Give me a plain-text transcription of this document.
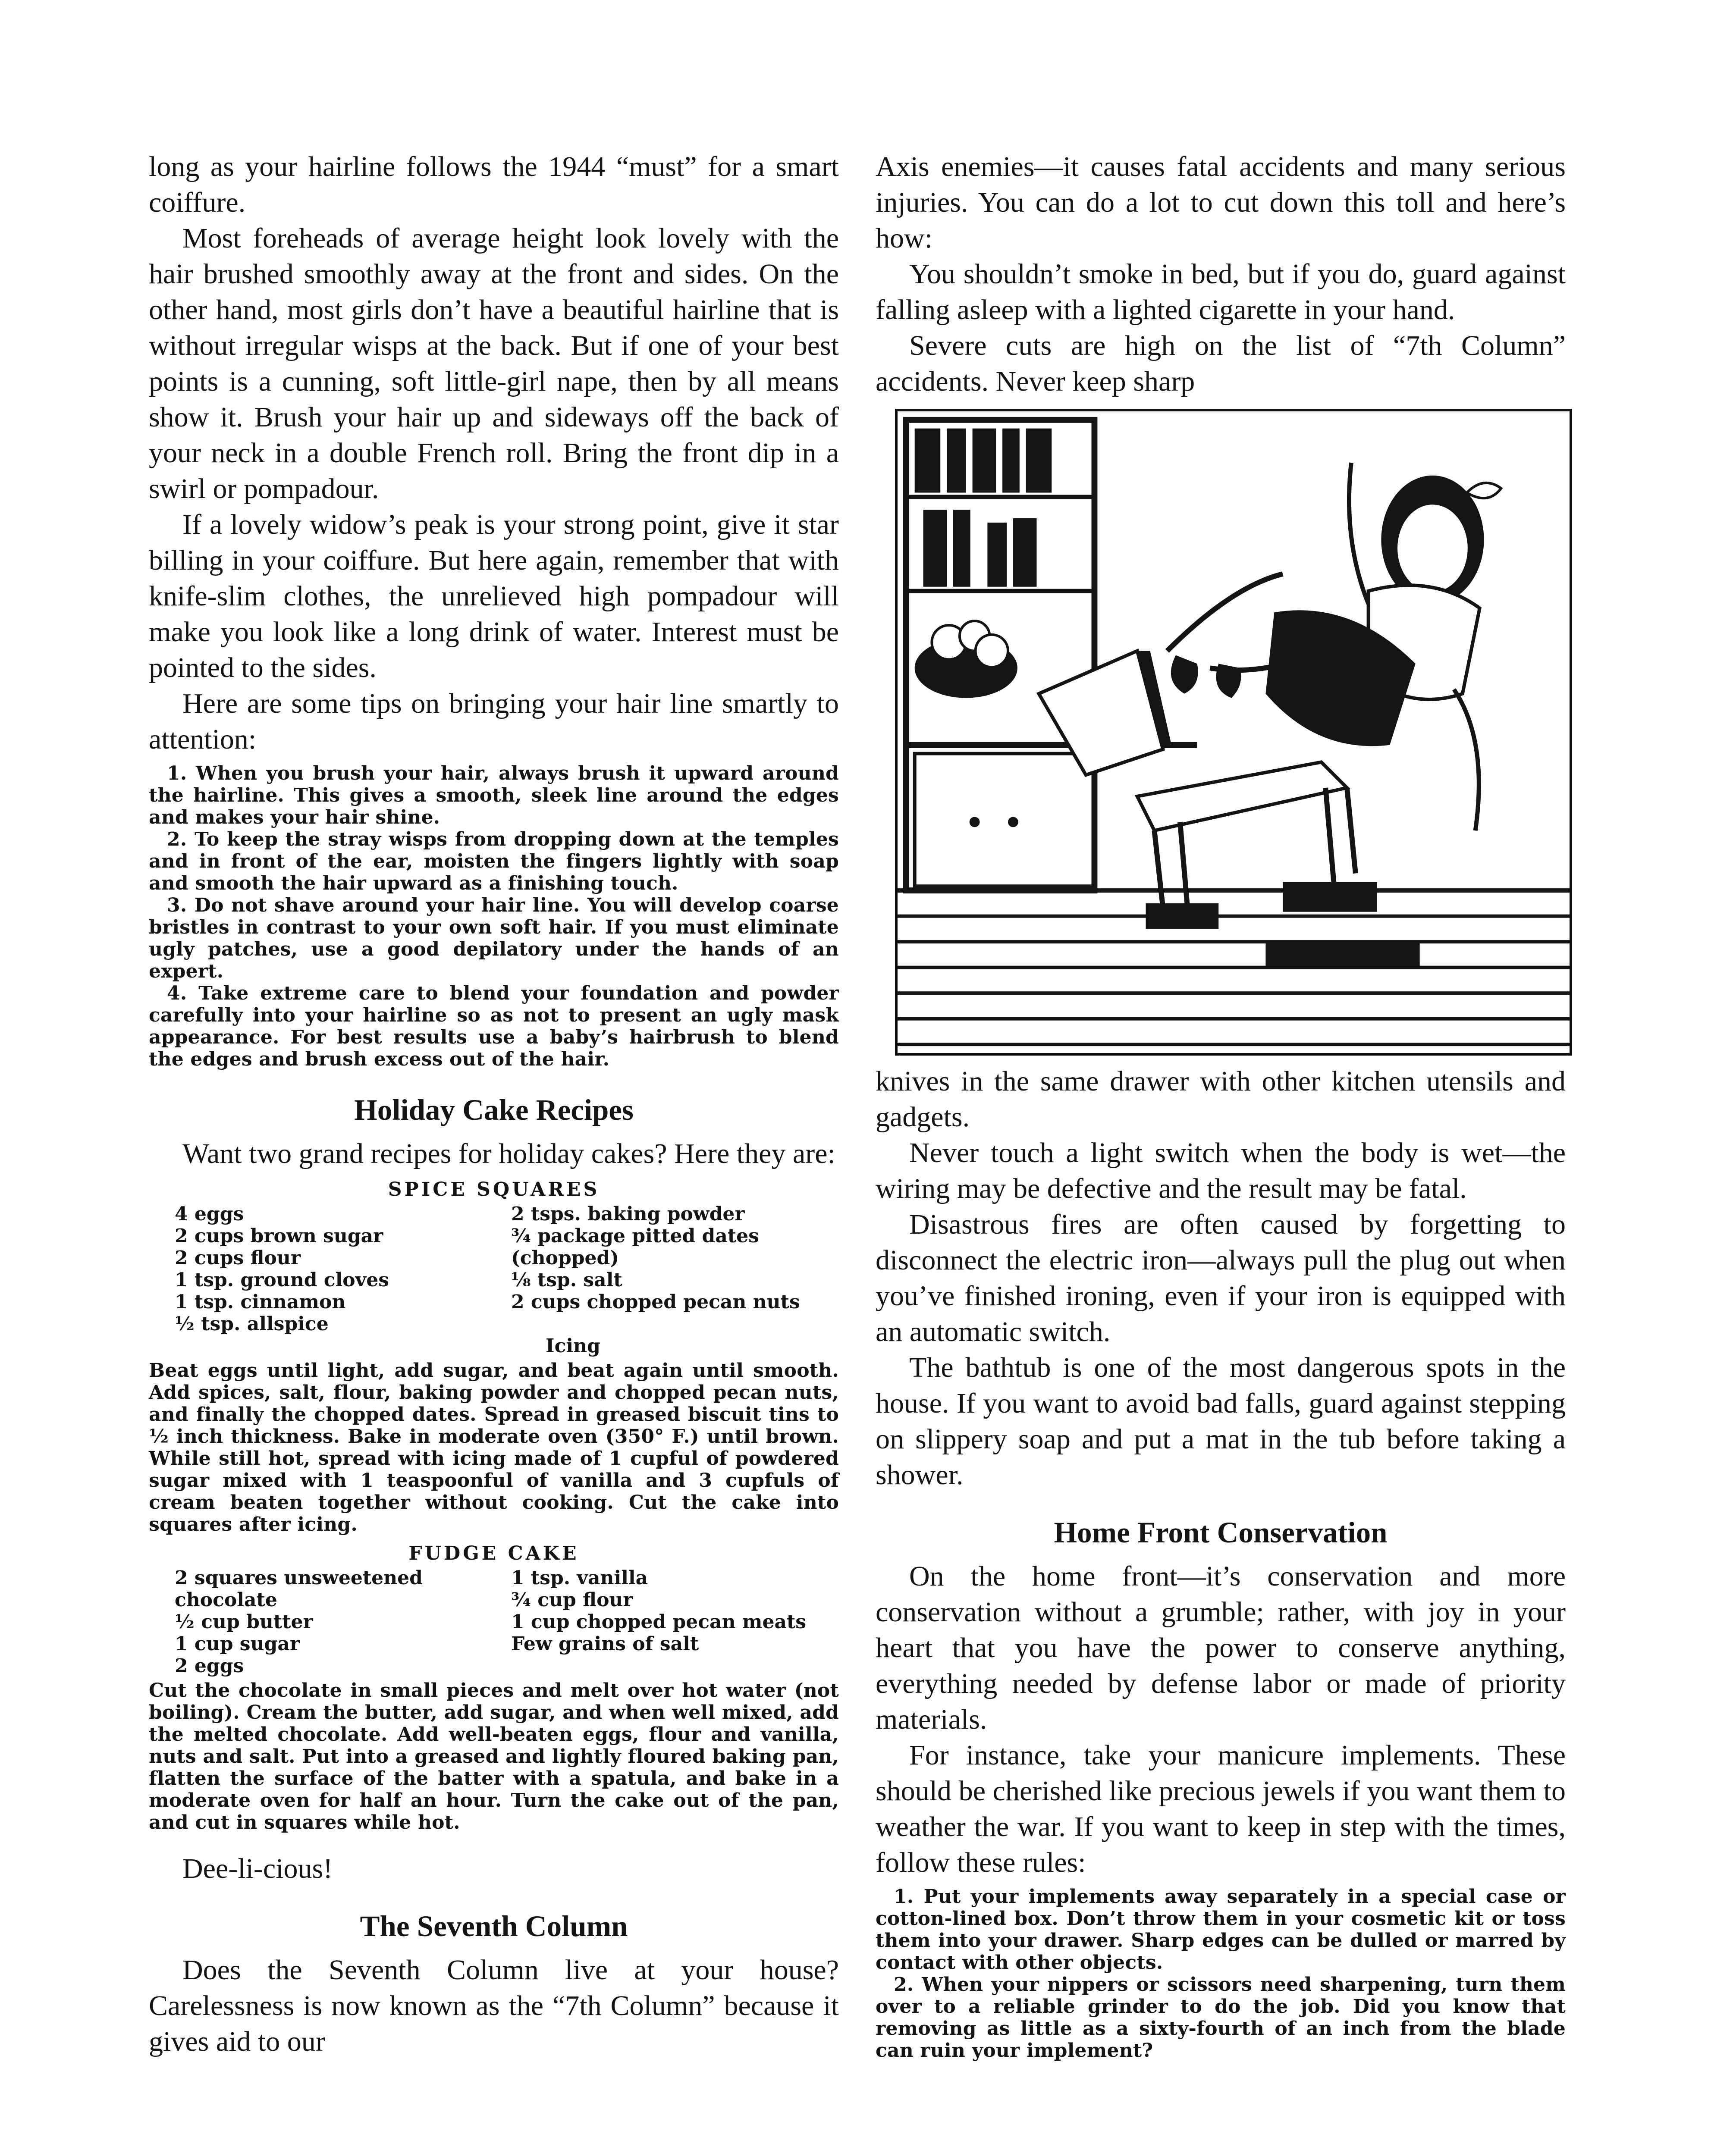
long as your hairline follows the 1944 “must” for a smart coiffure.

Most foreheads of average height look lovely with the hair brushed smoothly away at the front and sides. On the other hand, most girls don’t have a beautiful hairline that is without irregular wisps at the back. But if one of your best points is a cunning, soft little-girl nape, then by all means show it. Brush your hair up and sideways off the back of your neck in a double French roll. Bring the front dip in a swirl or pompadour.

If a lovely widow’s peak is your strong point, give it star billing in your coiffure. But here again, remember that with knife-slim clothes, the unrelieved high pompadour will make you look like a long drink of water. Interest must be pointed to the sides.

Here are some tips on bringing your hair line smartly to attention:

1. When you brush your hair, always brush it upward around the hairline. This gives a smooth, sleek line around the edges and makes your hair shine.

2. To keep the stray wisps from dropping down at the temples and in front of the ear, moisten the fingers lightly with soap and smooth the hair upward as a finishing touch.

3. Do not shave around your hair line. You will develop coarse bristles in contrast to your own soft hair. If you must eliminate ugly patches, use a good depilatory under the hands of an expert.

4. Take extreme care to blend your foundation and powder carefully into your hairline so as not to present an ugly mask appearance. For best results use a baby’s hairbrush to blend the edges and brush excess out of the hair.

Holiday Cake Recipes

Want two grand recipes for holiday cakes? Here they are:

SPICE SQUARES
4 eggs
2 cups brown sugar
2 cups flour
1 tsp. ground cloves
1 tsp. cinnamon
½ tsp. allspice
2 tsps. baking powder
¾ package pitted dates (chopped)
⅛ tsp. salt
2 cups chopped pecan nuts
Icing

Beat eggs until light, add sugar, and beat again until smooth. Add spices, salt, flour, baking powder and chopped pecan nuts, and finally the chopped dates. Spread in greased biscuit tins to ½ inch thickness. Bake in moderate oven (350° F.) until brown. While still hot, spread with icing made of 1 cupful of powdered sugar mixed with 1 teaspoonful of vanilla and 3 cupfuls of cream beaten together without cooking. Cut the cake into squares after icing.

FUDGE CAKE
2 squares unsweetened chocolate
½ cup butter
1 cup sugar
2 eggs
1 tsp. vanilla
¾ cup flour
1 cup chopped pecan meats
Few grains of salt

Cut the chocolate in small pieces and melt over hot water (not boiling). Cream the butter, add sugar, and when well mixed, add the melted chocolate. Add well-beaten eggs, flour and vanilla, nuts and salt. Put into a greased and lightly floured baking pan, flatten the surface of the batter with a spatula, and bake in a moderate oven for half an hour. Turn the cake out of the pan, and cut in squares while hot.

Dee-li-cious!

The Seventh Column

Does the Seventh Column live at your house? Carelessness is now known as the “7th Column” because it gives aid to our

Axis enemies—it causes fatal accidents and many serious injuries. You can do a lot to cut down this toll and here’s how:

You shouldn’t smoke in bed, but if you do, guard against falling asleep with a lighted cigarette in your hand.

Severe cuts are high on the list of “7th Column” accidents. Never keep sharp

knives in the same drawer with other kitchen utensils and gadgets.

Never touch a light switch when the body is wet—the wiring may be defective and the result may be fatal.

Disastrous fires are often caused by forgetting to disconnect the electric iron—always pull the plug out when you’ve finished ironing, even if your iron is equipped with an automatic switch.

The bathtub is one of the most dangerous spots in the house. If you want to avoid bad falls, guard against stepping on slippery soap and put a mat in the tub before taking a shower.

Home Front Conservation

On the home front—it’s conservation and more conservation without a grumble; rather, with joy in your heart that you have the power to conserve anything, everything needed by defense labor or made of priority materials.

For instance, take your manicure implements. These should be cherished like precious jewels if you want them to weather the war. If you want to keep in step with the times, follow these rules:

1. Put your implements away separately in a special case or cotton-lined box. Don’t throw them in your cosmetic kit or toss them into your drawer. Sharp edges can be dulled or marred by contact with other objects.

2. When your nippers or scissors need sharpening, turn them over to a reliable grinder to do the job. Did you know that removing as little as a sixty-fourth of an inch from the blade can ruin your implement?
